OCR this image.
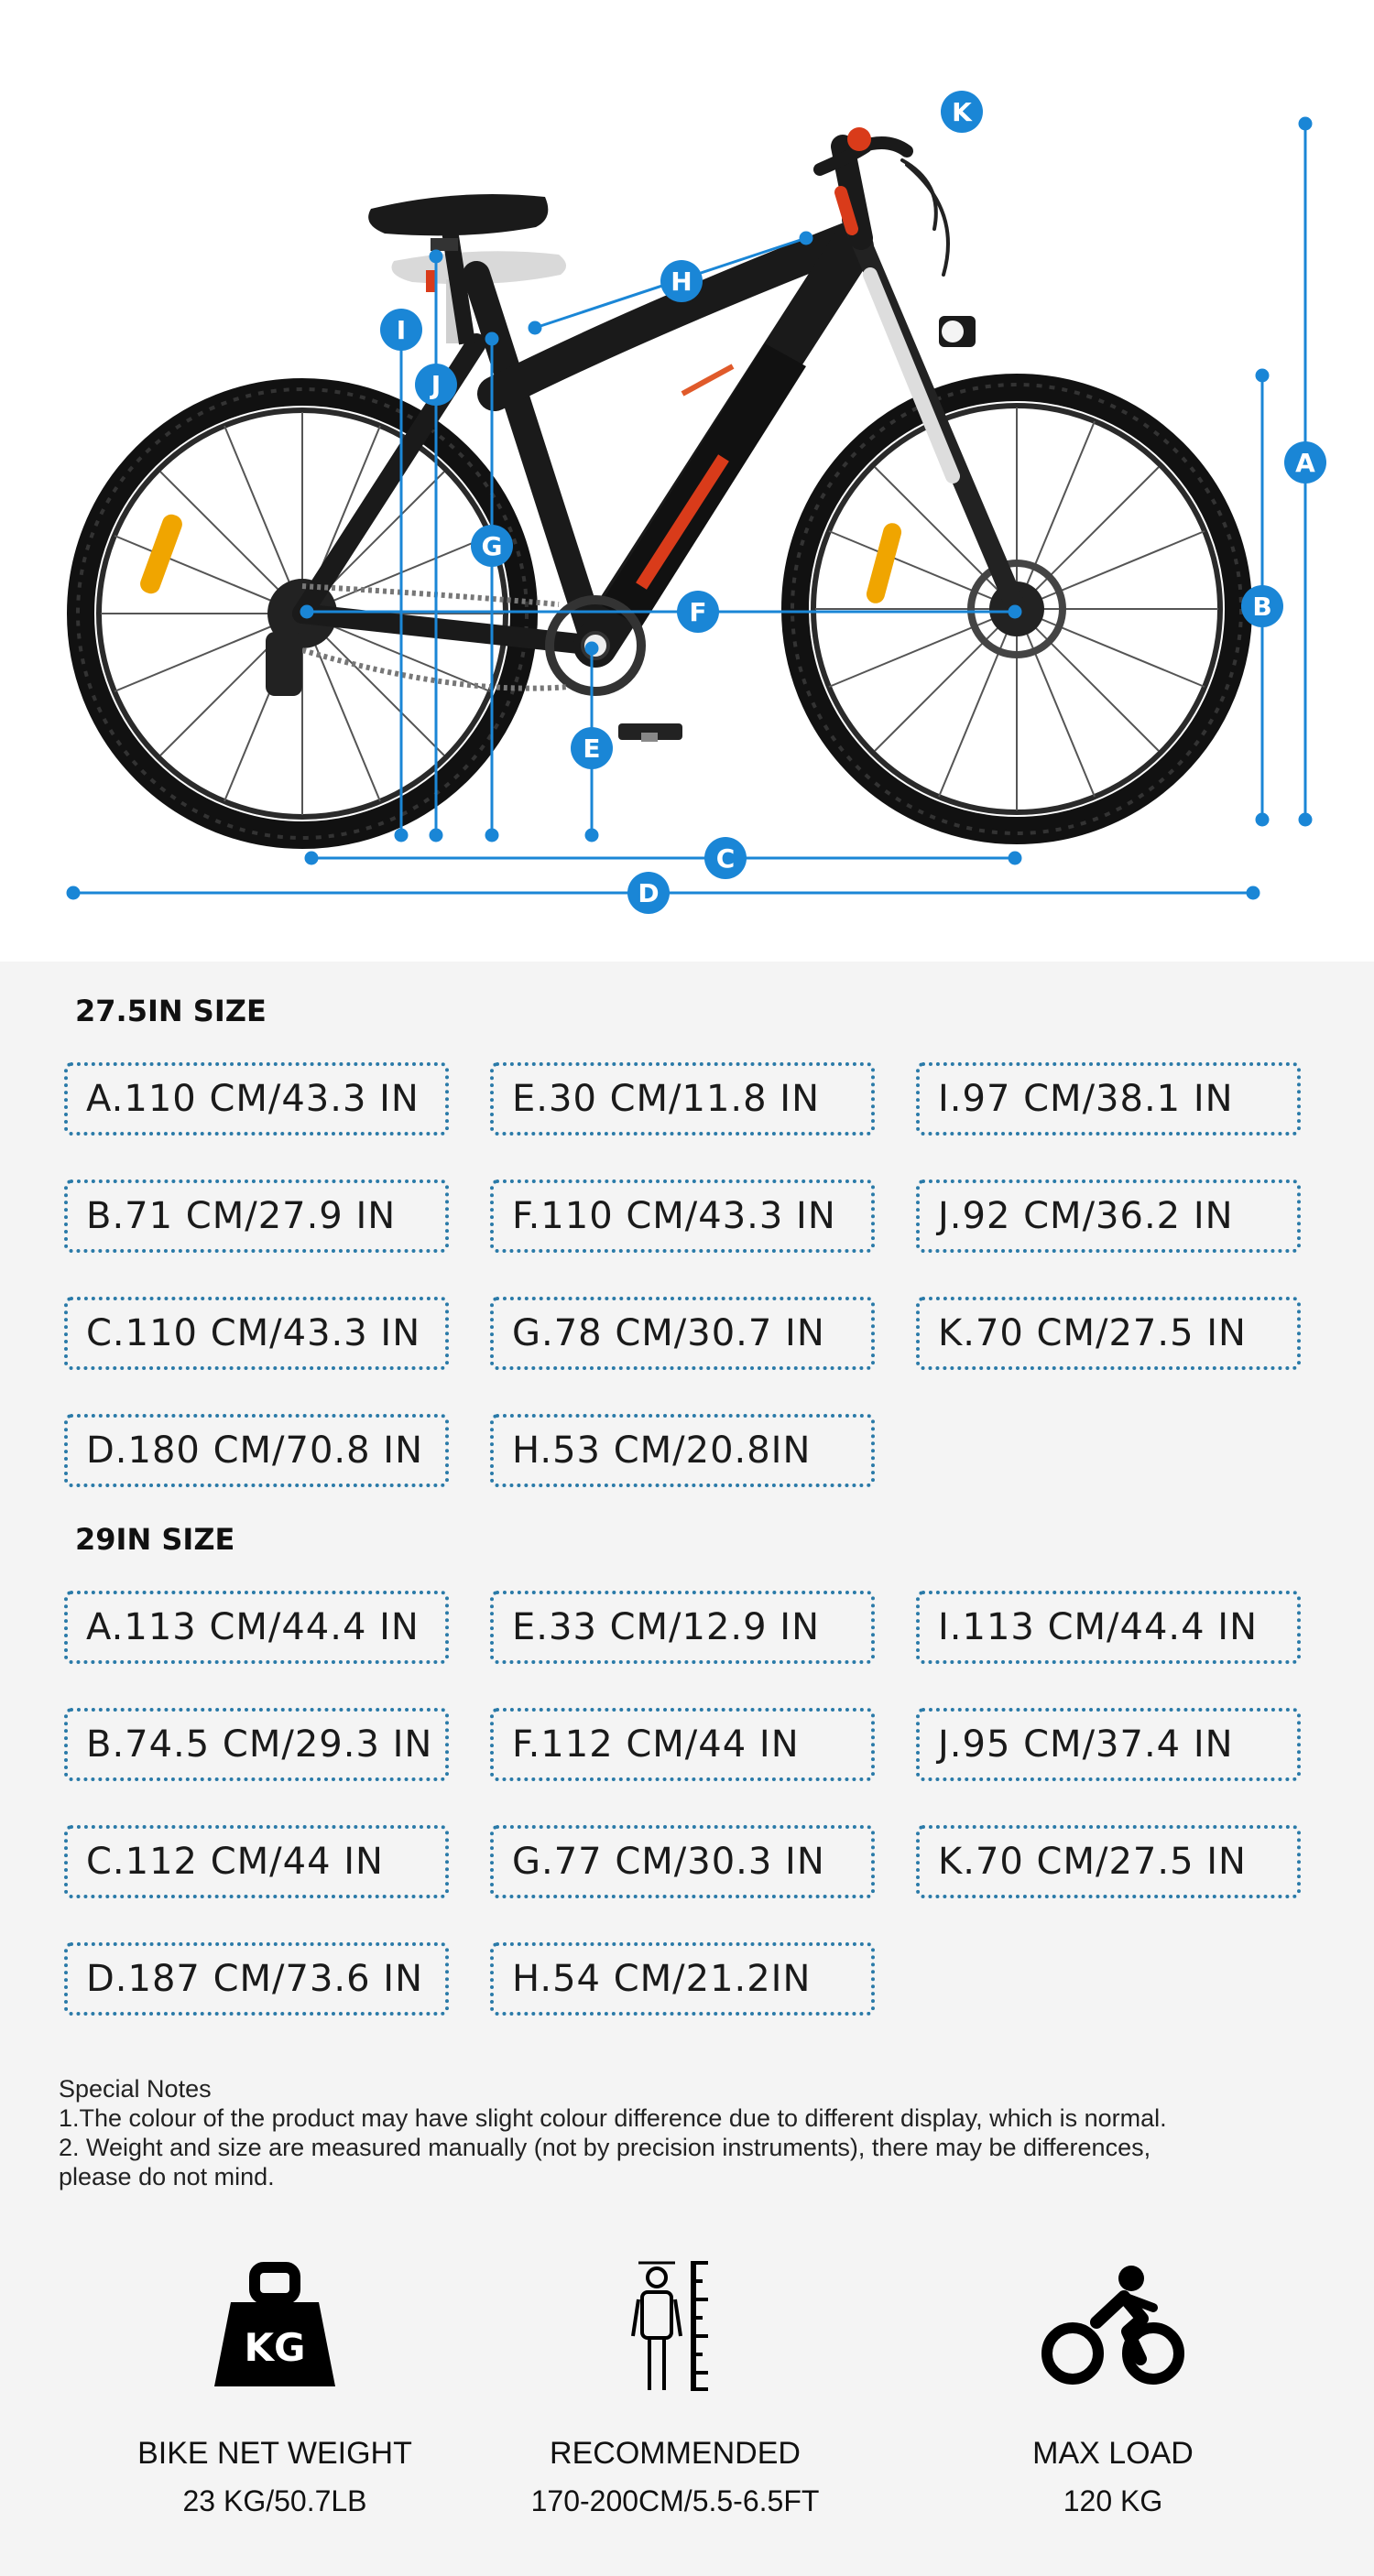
A
B
C
D
E
F
G
H
I
J
K
27.5IN SIZE
A.110 CM/43.3 IN	E.30 CM/11.8 IN	I.97 CM/38.1 IN
B.71 CM/27.9 IN	F.110 CM/43.3 IN	J.92 CM/36.2 IN
C.110 CM/43.3 IN	G.78 CM/30.7 IN	K.70 CM/27.5 IN
D.180 CM/70.8 IN	H.53 CM/20.8IN
29IN SIZE
A.113 CM/44.4 IN	E.33 CM/12.9 IN	I.113 CM/44.4 IN
B.74.5 CM/29.3 IN	F.112 CM/44 IN	J.95 CM/37.4 IN
C.112 CM/44 IN	G.77 CM/30.3 IN	K.70 CM/27.5 IN
D.187 CM/73.6 IN	H.54 CM/21.2IN
Special Notes
1.The colour of the product may have slight colour difference due to different display, which is normal.
2. Weight and size are measured manually (not by precision instruments), there may be differences,
please do not mind.
KG
BIKE NET WEIGHT
23 KG/50.7LB
RECOMMENDED
170-200CM/5.5-6.5FT
MAX LOAD
120 KG
